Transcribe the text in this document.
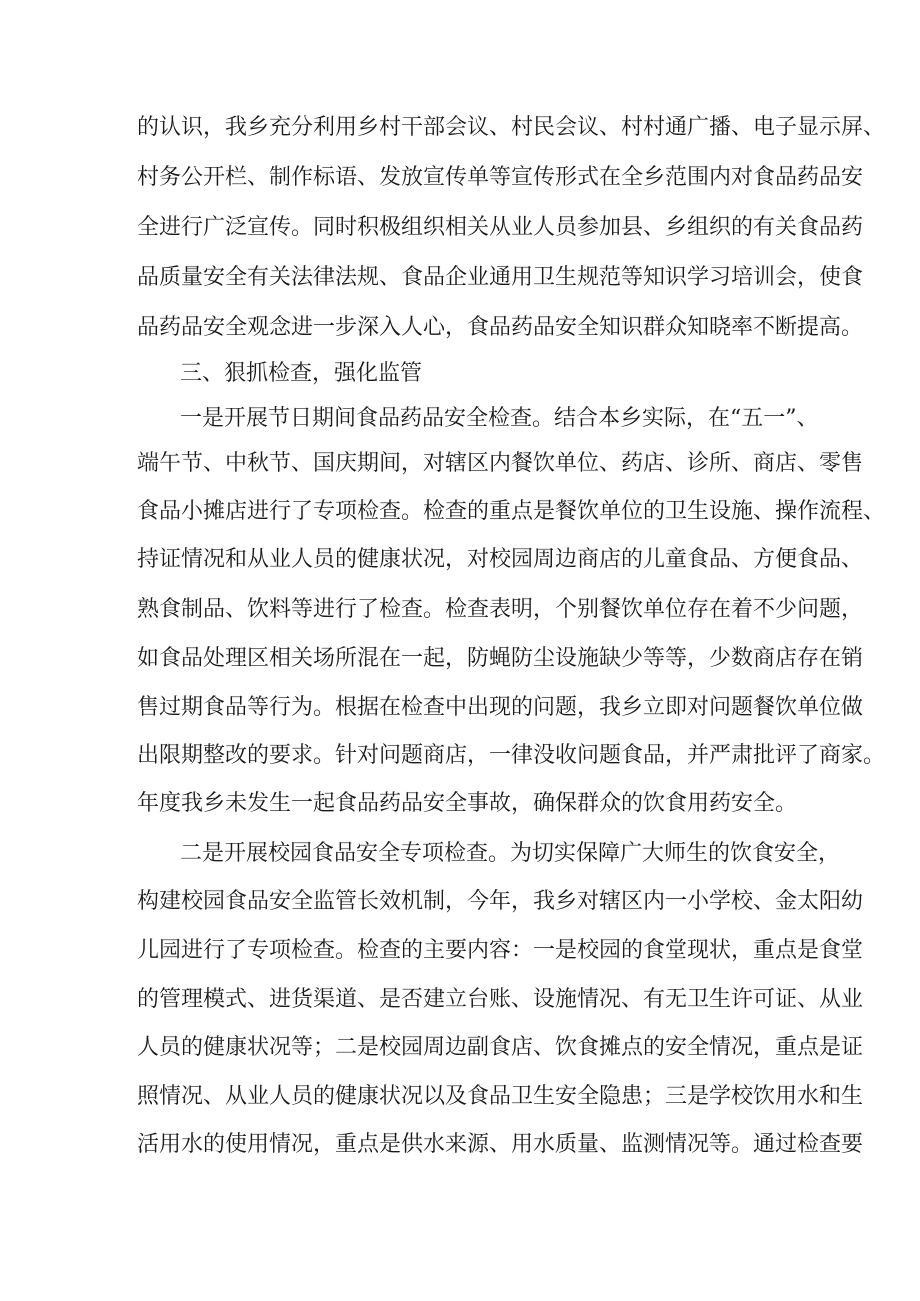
的认识，我乡充分利用乡村干部会议、村民会议、村村通广播、电子显示屏、
村务公开栏、制作标语、发放宣传单等宣传形式在全乡范围内对食品药品安
全进行广泛宣传。同时积极组织相关从业人员参加县、乡组织的有关食品药
品质量安全有关法律法规、食品企业通用卫生规范等知识学习培训会，使食
品药品安全观念进一步深入人心，食品药品安全知识群众知晓率不断提高。
三、狠抓检查，强化监管
一是开展节日期间食品药品安全检查。结合本乡实际，在“五一”、
端午节、中秋节、国庆期间，对辖区内餐饮单位、药店、诊所、商店、零售
食品小摊店进行了专项检查。检查的重点是餐饮单位的卫生设施、操作流程、
持证情况和从业人员的健康状况，对校园周边商店的儿童食品、方便食品、
熟食制品、饮料等进行了检查。检查表明，个别餐饮单位存在着不少问题，
如食品处理区相关场所混在一起，防蝇防尘设施缺少等等，少数商店存在销
售过期食品等行为。根据在检查中出现的问题，我乡立即对问题餐饮单位做
出限期整改的要求。针对问题商店，一律没收问题食品，并严肃批评了商家。
年度我乡未发生一起食品药品安全事故，确保群众的饮食用药安全。
二是开展校园食品安全专项检查。为切实保障广大师生的饮食安全，
构建校园食品安全监管长效机制，今年，我乡对辖区内一小学校、金太阳幼
儿园进行了专项检查。检查的主要内容：一是校园的食堂现状，重点是食堂
的管理模式、进货渠道、是否建立台账、设施情况、有无卫生许可证、从业
人员的健康状况等；二是校园周边副食店、饮食摊点的安全情况，重点是证
照情况、从业人员的健康状况以及食品卫生安全隐患；三是学校饮用水和生
活用水的使用情况，重点是供水来源、用水质量、监测情况等。通过检查要
